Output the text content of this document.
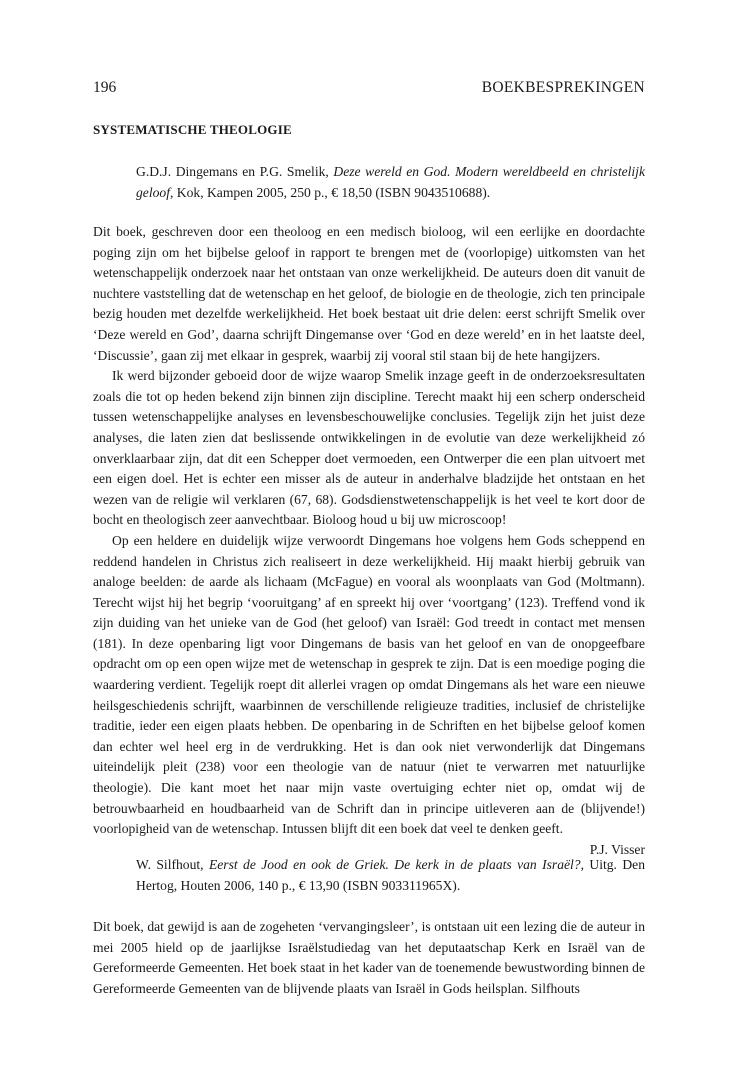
196	BOEKBESPREKINGEN
SYSTEMATISCHE THEOLOGIE

G.D.J. Dingemans en P.G. Smelik, Deze wereld en God. Modern wereldbeeld en christelijk geloof, Kok, Kampen 2005, 250 p., € 18,50 (ISBN 9043510688).

Dit boek, geschreven door een theoloog en een medisch bioloog, wil een eerlijke en doordachte poging zijn om het bijbelse geloof in rapport te brengen met de (voorlopige) uitkomsten van het wetenschappelijk onderzoek naar het ontstaan van onze werkelijkheid. De auteurs doen dit vanuit de nuchtere vaststelling dat de wetenschap en het geloof, de biologie en de theologie, zich ten principale bezig houden met dezelfde werkelijkheid. Het boek bestaat uit drie delen: eerst schrijft Smelik over ‘Deze wereld en God’, daarna schrijft Dingemanse over ‘God en deze wereld’ en in het laatste deel, ‘Discussie’, gaan zij met elkaar in gesprek, waarbij zij vooral stil staan bij de hete hangijzers.

Ik werd bijzonder geboeid door de wijze waarop Smelik inzage geeft in de onderzoeksresultaten zoals die tot op heden bekend zijn binnen zijn discipline. Terecht maakt hij een scherp onderscheid tussen wetenschappelijke analyses en levensbeschouwelijke conclusies. Tegelijk zijn het juist deze analyses, die laten zien dat beslissende ontwikkelingen in de evolutie van deze werkelijkheid zó onverklaarbaar zijn, dat dit een Schepper doet vermoeden, een Ontwerper die een plan uitvoert met een eigen doel. Het is echter een misser als de auteur in anderhalve bladzijde het ontstaan en het wezen van de religie wil verklaren (67, 68). Godsdienstwetenschappelijk is het veel te kort door de bocht en theologisch zeer aanvechtbaar. Bioloog houd u bij uw microscoop!

Op een heldere en duidelijk wijze verwoordt Dingemans hoe volgens hem Gods scheppend en reddend handelen in Christus zich realiseert in deze werkelijkheid. Hij maakt hierbij gebruik van analoge beelden: de aarde als lichaam (McFague) en vooral als woonplaats van God (Moltmann). Terecht wijst hij het begrip ‘vooruitgang’ af en spreekt hij over ‘voortgang’ (123). Treffend vond ik zijn duiding van het unieke van de God (het geloof) van Israël: God treedt in contact met mensen (181). In deze openbaring ligt voor Dingemans de basis van het geloof en van de onopgeefbare opdracht om op een open wijze met de wetenschap in gesprek te zijn. Dat is een moedige poging die waardering verdient. Tegelijk roept dit allerlei vragen op omdat Dingemans als het ware een nieuwe heilsgeschiedenis schrijft, waarbinnen de verschillende religieuze tradities, inclusief de christelijke traditie, ieder een eigen plaats hebben. De openbaring in de Schriften en het bijbelse geloof komen dan echter wel heel erg in de verdrukking. Het is dan ook niet verwonderlijk dat Dingemans uiteindelijk pleit (238) voor een theologie van de natuur (niet te verwarren met natuurlijke theologie). Die kant moet het naar mijn vaste overtuiging echter niet op, omdat wij de betrouwbaarheid en houdbaarheid van de Schrift dan in principe uitleveren aan de (blijvende!) voorlopigheid van de wetenschap. Intussen blijft dit een boek dat veel te denken geeft.

P.J. Visser

W. Silfhout, Eerst de Jood en ook de Griek. De kerk in de plaats van Israël?, Uitg. Den Hertog, Houten 2006, 140 p., € 13,90 (ISBN 903311965X).

Dit boek, dat gewijd is aan de zogeheten ‘vervangingsleer’, is ontstaan uit een lezing die de auteur in mei 2005 hield op de jaarlijkse Israëlstudiedag van het deputaatschap Kerk en Israël van de Gereformeerde Gemeenten. Het boek staat in het kader van de toenemende bewustwording binnen de Gereformeerde Gemeenten van de blijvende plaats van Israël in Gods heilsplan. Silfhouts
